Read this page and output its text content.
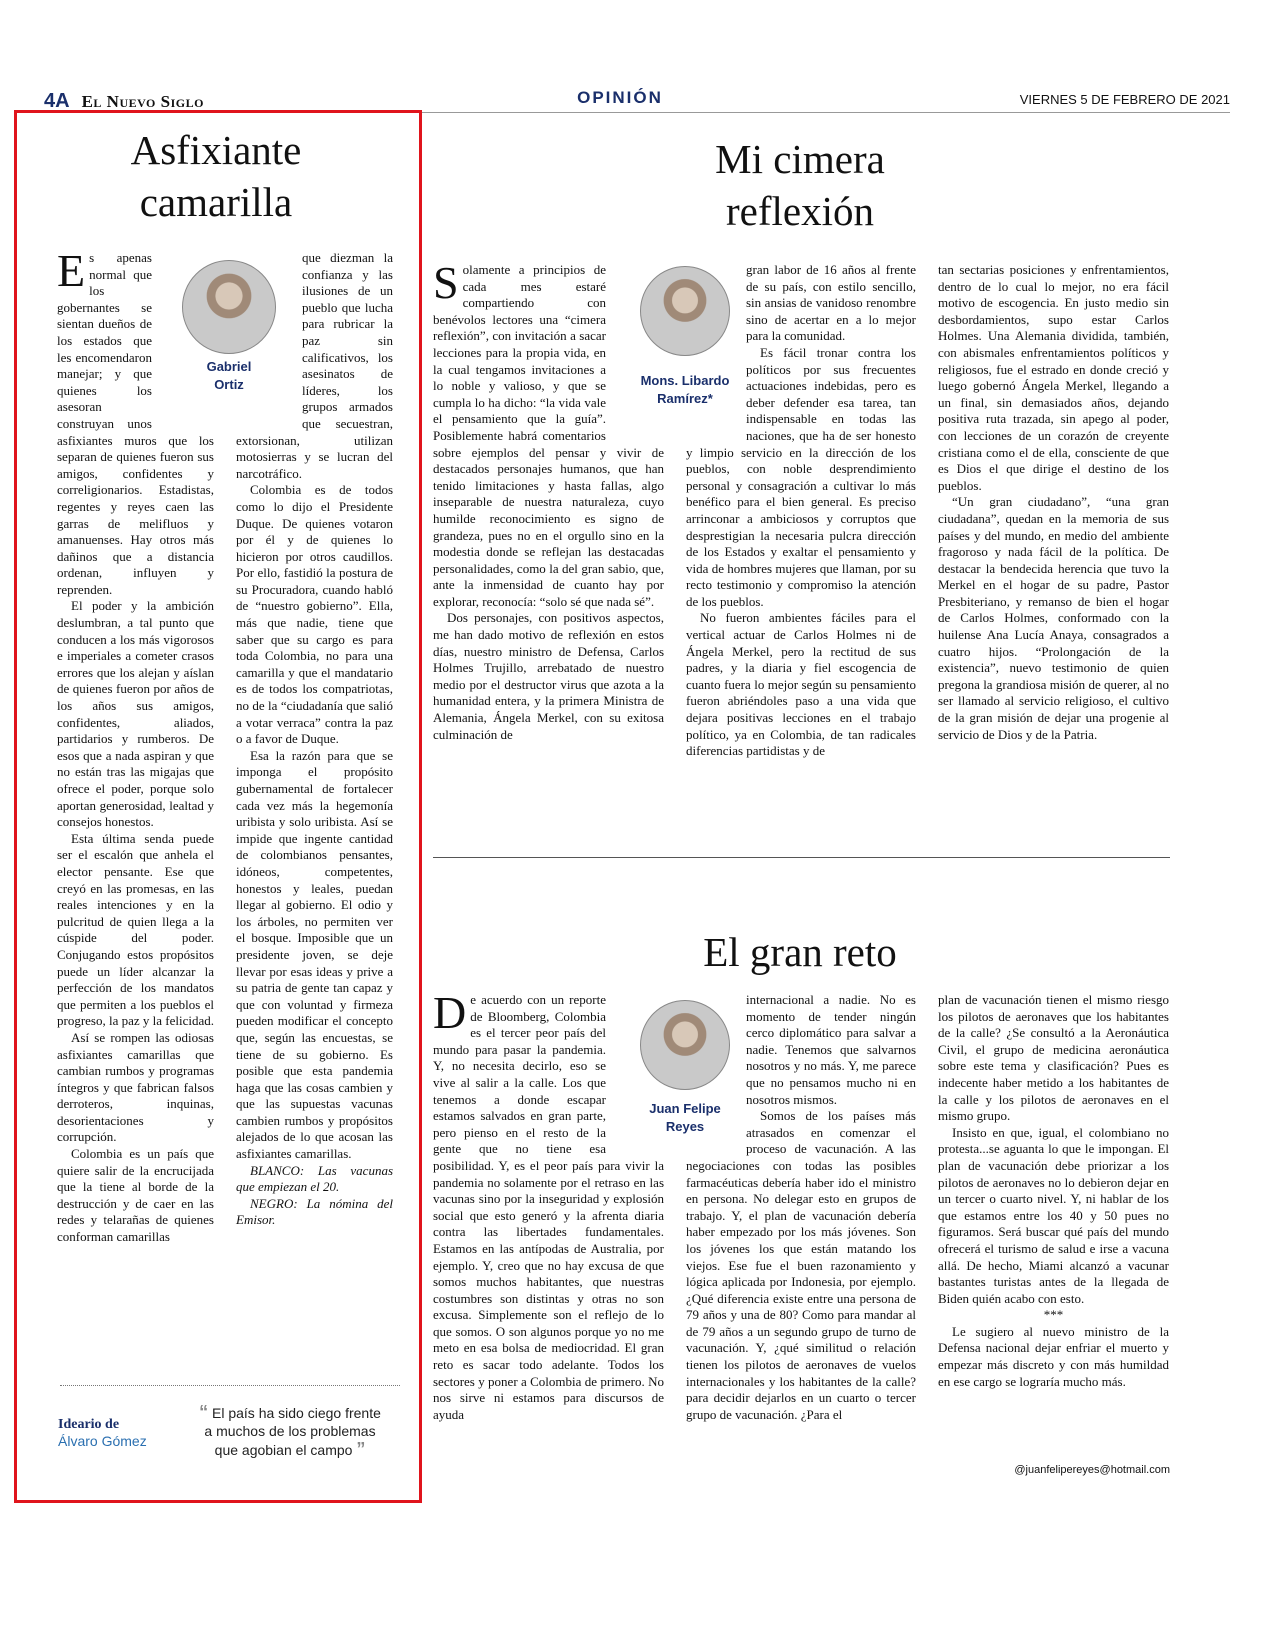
4A El Nuevo Siglo	OPINIÓN	VIERNES 5 DE FEBRERO DE 2021
Asfixiante
camarilla
Gabriel
Ortiz

Es apenas normal que los gobernantes se sientan dueños de los estados que les encomendaron manejar; y que quienes los asesoran construyan unos asfixiantes muros que los separan de quienes fueron sus amigos, confidentes y correligionarios. Estadistas, regentes y reyes caen las garras de melifluos y amanuenses. Hay otros más dañinos que a distancia ordenan, influyen y reprenden.

El poder y la ambición deslumbran, a tal punto que conducen a los más vigorosos e imperiales a cometer crasos errores que los alejan y aíslan de quienes fueron por años de los años sus amigos, confidentes, aliados, partidarios y rumberos. De esos que a nada aspiran y que no están tras las migajas que ofrece el poder, porque solo aportan generosidad, lealtad y consejos honestos.

Esta última senda puede ser el escalón que anhela el elector pensante. Ese que creyó en las promesas, en las reales intenciones y en la pulcritud de quien llega a la cúspide del poder. Conjugando estos propósitos puede un líder alcanzar la perfección de los mandatos que permiten a los pueblos el progreso, la paz y la felicidad.

Así se rompen las odiosas asfixiantes camarillas que cambian rumbos y programas íntegros y que fabrican falsos derroteros, inquinas, desorientaciones y corrupción.

Colombia es un país que quiere salir de la encrucijada que la tiene al borde de la destrucción y de caer en las redes y telarañas de quienes conforman camarillas

que diezman la confianza y las ilusiones de un pueblo que lucha para rubricar la paz sin calificativos, los asesinatos de líderes, los grupos armados que secuestran, extorsionan, utilizan motosierras y se lucran del narcotráfico.

Colombia es de todos como lo dijo el Presidente Duque. De quienes votaron por él y de quienes lo hicieron por otros caudillos. Por ello, fastidió la postura de su Procuradora, cuando habló de “nuestro gobierno”. Ella, más que nadie, tiene que saber que su cargo es para toda Colombia, no para una camarilla y que el mandatario es de todos los compatriotas, no de la “ciudadanía que salió a votar verraca” contra la paz o a favor de Duque.

Esa la razón para que se imponga el propósito gubernamental de fortalecer cada vez más la hegemonía uribista y solo uribista. Así se impide que ingente cantidad de colombianos pensantes, idóneos, competentes, honestos y leales, puedan llegar al gobierno. El odio y los árboles, no permiten ver el bosque. Imposible que un presidente joven, se deje llevar por esas ideas y prive a su patria de gente tan capaz y que con voluntad y firmeza pueden modificar el concepto que, según las encuestas, se tiene de su gobierno. Es posible que esta pandemia haga que las cosas cambien y que las supuestas vacunas cambien rumbos y propósitos alejados de lo que acosan las asfixiantes camarillas.

BLANCO: Las vacunas que empiezan el 20.

NEGRO: La nómina del Emisor.

Ideario de
Álvaro Gómez
“ El país ha sido ciego frente a muchos de los problemas que agobian el campo ”
Mi cimera
reflexión
Mons. Libardo
Ramírez*

Solamente a principios de cada mes estaré compartiendo con benévolos lectores una “cimera reflexión”, con invitación a sacar lecciones para la propia vida, en la cual tengamos invitaciones a lo noble y valioso, y que se cumpla lo ha dicho: “la vida vale el pensamiento que la guía”. Posiblemente habrá comentarios sobre ejemplos del pensar y vivir de destacados personajes humanos, que han tenido limitaciones y hasta fallas, algo inseparable de nuestra naturaleza, cuyo humilde reconocimiento es signo de grandeza, pues no en el orgullo sino en la modestia donde se reflejan las destacadas personalidades, como la del gran sabio, que, ante la inmensidad de cuanto hay por explorar, reconocía: “solo sé que nada sé”.

Dos personajes, con positivos aspectos, me han dado motivo de reflexión en estos días, nuestro ministro de Defensa, Carlos Holmes Trujillo, arrebatado de nuestro medio por el destructor virus que azota a la humanidad entera, y la primera Ministra de Alemania, Ángela Merkel, con su exitosa culminación de

gran labor de 16 años al frente de su país, con estilo sencillo, sin ansias de vanidoso renombre sino de acertar en a lo mejor para la comunidad.

Es fácil tronar contra los políticos por sus frecuentes actuaciones indebidas, pero es deber defender esa tarea, tan indispensable en todas las naciones, que ha de ser honesto y limpio servicio en la dirección de los pueblos, con noble desprendimiento personal y consagración a cultivar lo más benéfico para el bien general. Es preciso arrinconar a ambiciosos y corruptos que desprestigian la necesaria pulcra dirección de los Estados y exaltar el pensamiento y vida de hombres mujeres que llaman, por su recto testimonio y compromiso la atención de los pueblos.

No fueron ambientes fáciles para el vertical actuar de Carlos Holmes ni de Ángela Merkel, pero la rectitud de sus padres, y la diaria y fiel escogencia de cuanto fuera lo mejor según su pensamiento fueron abriéndoles paso a una vida que dejara positivas lecciones en el trabajo político, ya en Colombia, de tan radicales diferencias partidistas y de

tan sectarias posiciones y enfrentamientos, dentro de lo cual lo mejor, no era fácil motivo de escogencia. En justo medio sin desbordamientos, supo estar Carlos Holmes. Una Alemania dividida, también, con abismales enfrentamientos políticos y religiosos, fue el estrado en donde creció y luego gobernó Ángela Merkel, llegando a un final, sin demasiados años, dejando positiva ruta trazada, sin apego al poder, con lecciones de un corazón de creyente cristiana como el de ella, consciente de que es Dios el que dirige el destino de los pueblos.

“Un gran ciudadano”, “una gran ciudadana”, quedan en la memoria de sus países y del mundo, en medio del ambiente fragoroso y nada fácil de la política. De destacar la bendecida herencia que tuvo la Merkel en el hogar de su padre, Pastor Presbiteriano, y remanso de bien el hogar de Carlos Holmes, conformado con la huilense Ana Lucía Anaya, consagrados a cuatro hijos. “Prolongación de la existencia”, nuevo testimonio de quien pregona la grandiosa misión de querer, al no ser llamado al servicio religioso, el cultivo de la gran misión de dejar una progenie al servicio de Dios y de la Patria.

El gran reto
Juan Felipe
Reyes

De acuerdo con un reporte de Bloomberg, Colombia es el tercer peor país del mundo para pasar la pandemia. Y, no necesita decirlo, eso se vive al salir a la calle. Los que tenemos a donde escapar estamos salvados en gran parte, pero pienso en el resto de la gente que no tiene esa posibilidad. Y, es el peor país para vivir la pandemia no solamente por el retraso en las vacunas sino por la inseguridad y explosión social que esto generó y la afrenta diaria contra las libertades fundamentales. Estamos en las antípodas de Australia, por ejemplo. Y, creo que no hay excusa de que somos muchos habitantes, que nuestras costumbres son distintas y otras no son excusa. Simplemente son el reflejo de lo que somos. O son algunos porque yo no me meto en esa bolsa de mediocridad. El gran reto es sacar todo adelante. Todos los sectores y poner a Colombia de primero. No nos sirve ni estamos para discursos de ayuda

internacional a nadie. No es momento de tender ningún cerco diplomático para salvar a nadie. Tenemos que salvarnos nosotros y no más. Y, me parece que no pensamos mucho ni en nosotros mismos.

Somos de los países más atrasados en comenzar el proceso de vacunación. A las negociaciones con todas las posibles farmacéuticas debería haber ido el ministro en persona. No delegar esto en grupos de trabajo. Y, el plan de vacunación debería haber empezado por los más jóvenes. Son los jóvenes los que están matando los viejos. Ese fue el buen razonamiento y lógica aplicada por Indonesia, por ejemplo. ¿Qué diferencia existe entre una persona de 79 años y una de 80? Como para mandar al de 79 años a un segundo grupo de turno de vacunación. Y, ¿qué similitud o relación tienen los pilotos de aeronaves de vuelos internacionales y los habitantes de la calle? para decidir dejarlos en un cuarto o tercer grupo de vacunación. ¿Para el

plan de vacunación tienen el mismo riesgo los pilotos de aeronaves que los habitantes de la calle? ¿Se consultó a la Aeronáutica Civil, el grupo de medicina aeronáutica sobre este tema y clasificación? Pues es indecente haber metido a los habitantes de la calle y los pilotos de aeronaves en el mismo grupo.

Insisto en que, igual, el colombiano no protesta...se aguanta lo que le impongan. El plan de vacunación debe priorizar a los pilotos de aeronaves no lo debieron dejar en un tercer o cuarto nivel. Y, ni hablar de los que estamos entre los 40 y 50 pues no figuramos. Será buscar qué país del mundo ofrecerá el turismo de salud e irse a vacuna allá. De hecho, Miami alcanzó a vacunar bastantes turistas antes de la llegada de Biden quién acabo con esto.

***

Le sugiero al nuevo ministro de la Defensa nacional dejar enfriar el muerto y empezar más discreto y con más humildad en ese cargo se lograría mucho más.

@juanfelipereyes@hotmail.com
